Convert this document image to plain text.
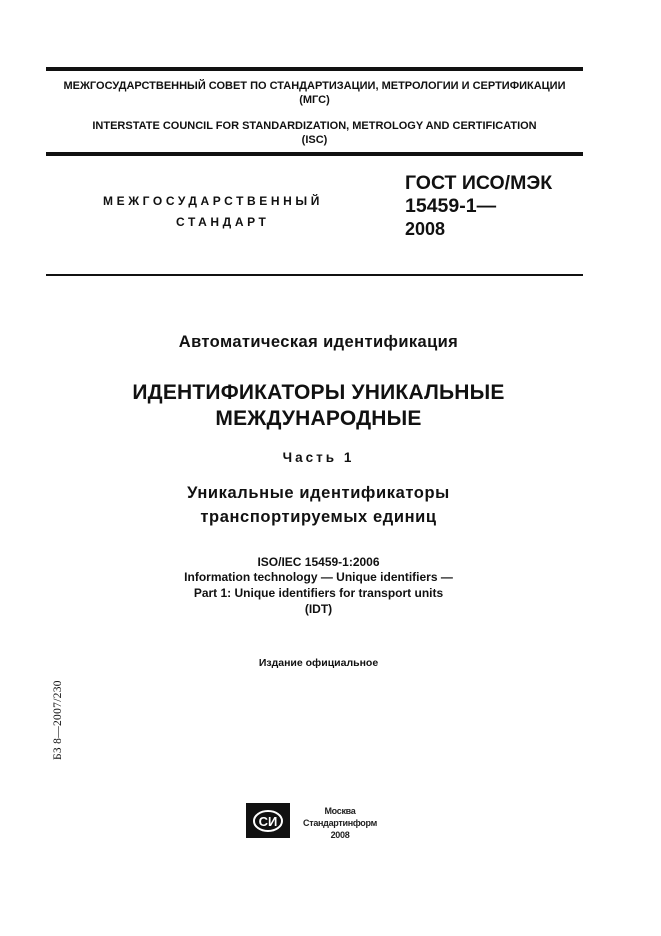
МЕЖГОСУДАРСТВЕННЫЙ СОВЕТ ПО СТАНДАРТИЗАЦИИ, МЕТРОЛОГИИ И СЕРТИФИКАЦИИ
(МГС)
INTERSTATE COUNCIL FOR STANDARDIZATION, METROLOGY AND CERTIFICATION
(ISC)
МЕЖГОСУДАРСТВЕННЫЙ
СТАНДАРТ
ГОСТ ИСО/МЭК
15459-1—
2008
Автоматическая идентификация
ИДЕНТИФИКАТОРЫ УНИКАЛЬНЫЕ
МЕЖДУНАРОДНЫЕ
Часть 1
Уникальные идентификаторы
транспортируемых единиц
ISO/IEC 15459-1:2006
Information technology — Unique identifiers —
Part 1: Unique identifiers for transport units
(IDT)
Издание официальное
БЗ 8—2007/230
СИ
Москва
Стандартинформ
2008
